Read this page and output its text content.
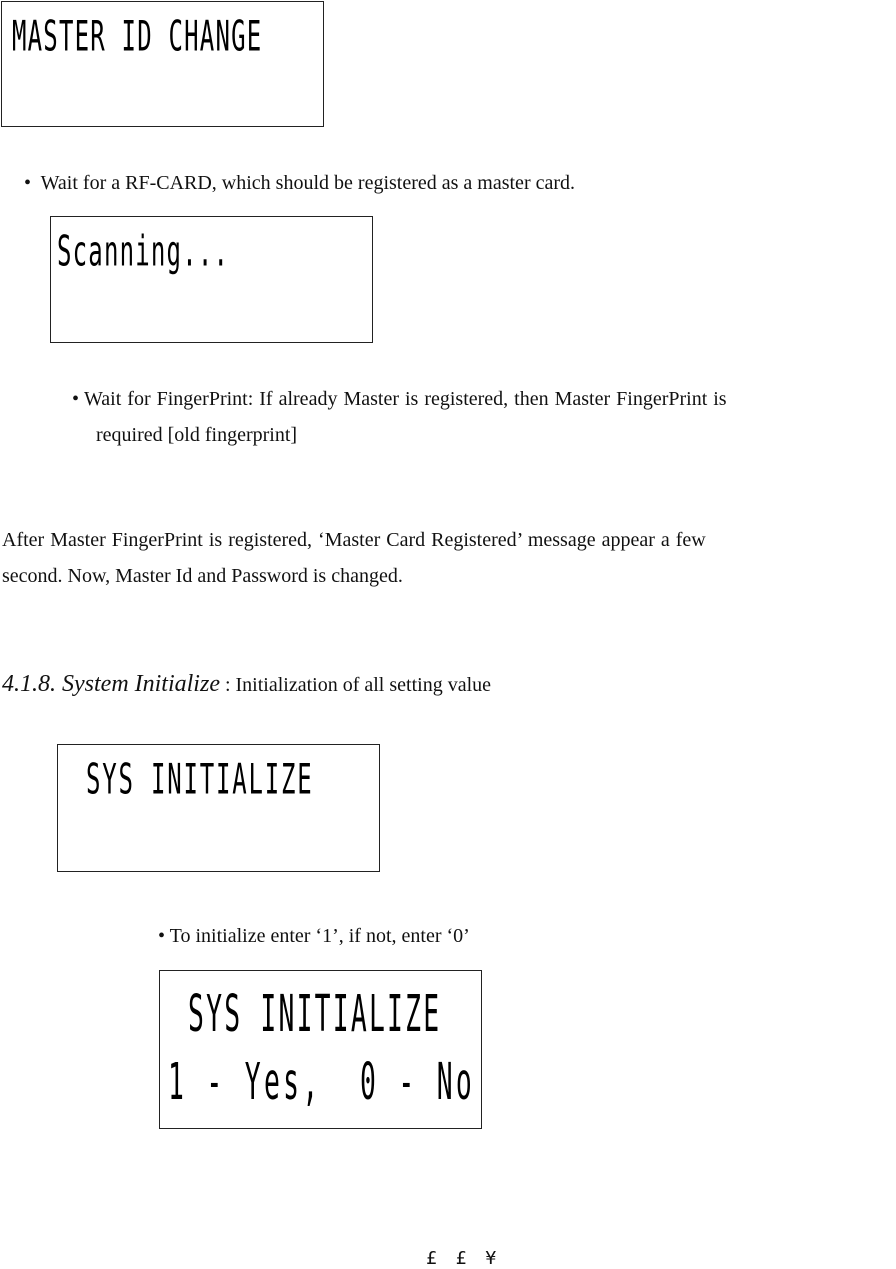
MASTER ID CHANGE

• Wait for a RF-CARD, which should be registered as a master card.

Scanning...

• Wait for FingerPrint: If already Master is registered, then Master FingerPrint is

required [old fingerprint]

After Master FingerPrint is registered, ‘Master Card Registered’ message appear a few

second. Now, Master Id and Password is changed.

4.1.8. System Initialize : Initialization of all setting value

SYS INITIALIZE

• To initialize enter ‘1’, if not, enter ‘0’

SYS INITIALIZE
1 - Yes,  0 - No
£ £ ¥
